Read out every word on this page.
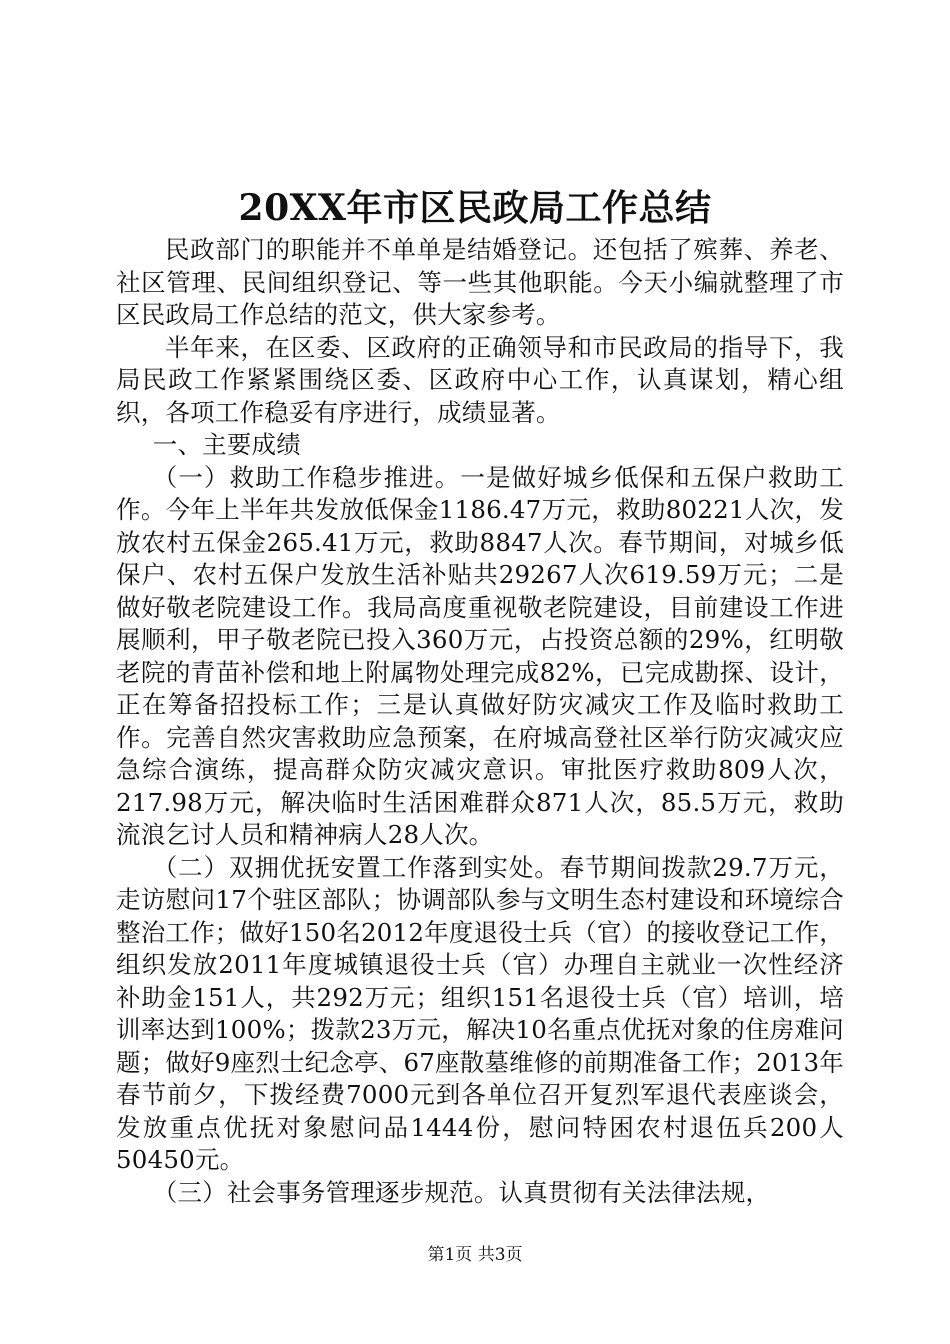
20XX年市区民政局工作总结

民政部门的职能并不单单是结婚登记。还包括了殡葬、养老、社区管理、民间组织登记、等一些其他职能。今天小编就整理了市区民政局工作总结的范文，供大家参考。

半年来，在区委、区政府的正确领导和市民政局的指导下，我局民政工作紧紧围绕区委、区政府中心工作，认真谋划，精心组织，各项工作稳妥有序进行，成绩显著。

一、主要成绩

（一）救助工作稳步推进。一是做好城乡低保和五保户救助工作。今年上半年共发放低保金1186.47万元，救助80221人次，发放农村五保金265.41万元，救助8847人次。春节期间，对城乡低保户、农村五保户发放生活补贴共29267人次619.59万元；二是做好敬老院建设工作。我局高度重视敬老院建设，目前建设工作进展顺利，甲子敬老院已投入360万元，占投资总额的29%，红明敬老院的青苗补偿和地上附属物处理完成82%，已完成勘探、设计，正在筹备招投标工作；三是认真做好防灾减灾工作及临时救助工作。完善自然灾害救助应急预案，在府城高登社区举行防灾减灾应急综合演练，提高群众防灾减灾意识。审批医疗救助809人次，217.98万元，解决临时生活困难群众871人次，85.5万元，救助流浪乞讨人员和精神病人28人次。

（二）双拥优抚安置工作落到实处。春节期间拨款29.7万元，走访慰问17个驻区部队；协调部队参与文明生态村建设和环境综合整治工作；做好150名2012年度退役士兵（官）的接收登记工作，组织发放2011年度城镇退役士兵（官）办理自主就业一次性经济补助金151人，共292万元；组织151名退役士兵（官）培训，培训率达到100%；拨款23万元，解决10名重点优抚对象的住房难问题；做好9座烈士纪念亭、67座散墓维修的前期准备工作；2013年春节前夕，下拨经费7000元到各单位召开复烈军退代表座谈会，发放重点优抚对象慰问品1444份，慰问特困农村退伍兵200人50450元。

（三）社会事务管理逐步规范。认真贯彻有关法律法规，

第1页 共3页
